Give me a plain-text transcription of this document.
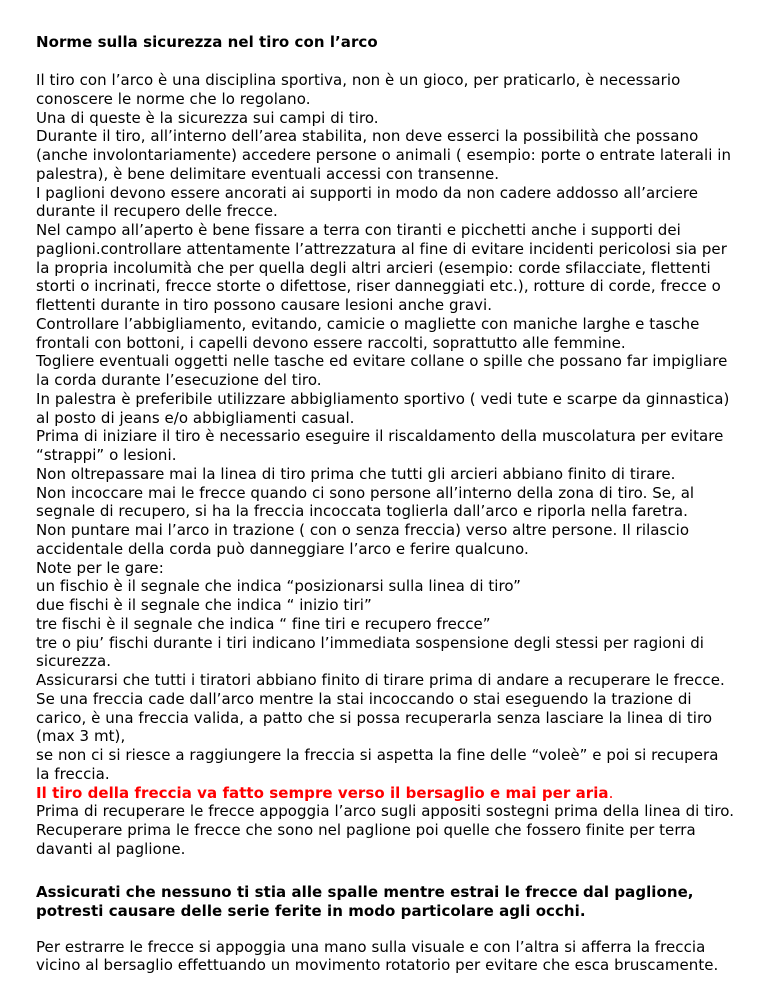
Norme sulla sicurezza nel tiro con l’arco

Il tiro con l’arco è una disciplina sportiva, non è un gioco, per praticarlo, è necessario conoscere le norme che lo regolano.

Una di queste è la sicurezza sui campi di tiro.

Durante il tiro, all’interno dell’area stabilita, non deve esserci la possibilità che possano (anche involontariamente) accedere persone o animali ( esempio: porte o entrate laterali in palestra), è bene delimitare eventuali accessi con transenne.

I paglioni devono essere ancorati ai supporti in modo da non cadere addosso all’arciere durante il recupero delle frecce.

Nel campo all’aperto è bene fissare a terra con tiranti e picchetti anche i supporti dei paglioni.controllare attentamente l’attrezzatura al fine di evitare incidenti pericolosi sia per la propria incolumità che per quella degli altri arcieri (esempio: corde sfilacciate, flettenti storti o incrinati, frecce storte o difettose, riser danneggiati etc.)‚ rotture di corde, frecce o flettenti durante in tiro possono causare lesioni anche gravi.

Controllare l’abbigliamento, evitando, camicie o magliette con maniche larghe e tasche frontali con bottoni, i capelli devono essere raccolti, soprattutto alle femmine.

Togliere eventuali oggetti nelle tasche ed evitare collane o spille che possano far impigliare la corda durante l’esecuzione del tiro.

In palestra è preferibile utilizzare abbigliamento sportivo ( vedi tute e scarpe da ginnastica) al posto di jeans e/o abbigliamenti casual.

Prima di iniziare il tiro è necessario eseguire il riscaldamento della muscolatura per evitare “strappi” o lesioni.

Non oltrepassare mai la linea di tiro prima che tutti gli arcieri abbiano finito di tirare.

Non incoccare mai le frecce quando ci sono persone all’interno della zona di tiro. Se, al segnale di recupero, si ha la freccia incoccata toglierla dall’arco e riporla nella faretra.

Non puntare mai l’arco in trazione ( con o senza freccia) verso altre persone. Il rilascio accidentale della corda può danneggiare l’arco e ferire qualcuno.

Note per le gare:

un fischio è il segnale che indica “posizionarsi sulla linea di tiro”

due fischi è il segnale che indica “ inizio tiri”

tre fischi è il segnale che indica “ fine tiri e recupero frecce”

tre o piu’ fischi durante i tiri indicano l’immediata sospensione degli stessi per ragioni di sicurezza.

Assicurarsi che tutti i tiratori abbiano finito di tirare prima di andare a recuperare le frecce.

Se una freccia cade dall’arco mentre la stai incoccando o stai eseguendo la trazione di carico, è una freccia valida, a patto che si possa recuperarla senza lasciare la linea di tiro (max 3 mt),

se non ci si riesce a raggiungere la freccia si aspetta la fine delle “voleè” e poi si recupera la freccia.

Il tiro della freccia va fatto sempre verso il bersaglio e mai per aria.

Prima di recuperare le frecce appoggia l’arco sugli appositi sostegni prima della linea di tiro.

Recuperare prima le frecce che sono nel paglione poi quelle che fossero finite per terra davanti al paglione.

Assicurati che nessuno ti stia alle spalle mentre estrai le frecce dal paglione, potresti causare delle serie ferite in modo particolare agli occhi.

Per estrarre le frecce si appoggia una mano sulla visuale e con l’altra si afferra la freccia vicino al bersaglio effettuando un movimento rotatorio per evitare che esca bruscamente.
